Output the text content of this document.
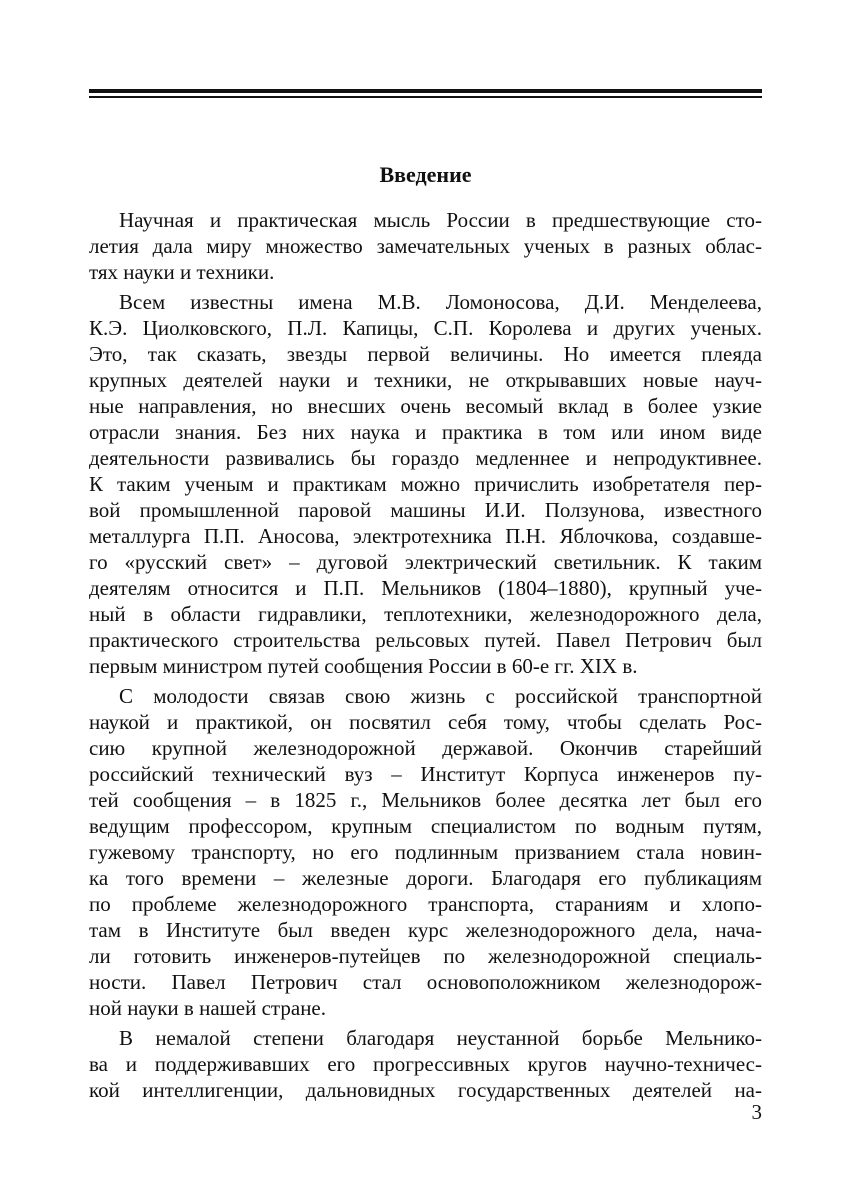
Введение

Научная и практическая мысль России в предшествующие сто-
летия дала миру множество замечательных ученых в разных облас-
тях науки и техники.

Всем известны имена М.В. Ломоносова, Д.И. Менделеева,
К.Э. Циолковского, П.Л. Капицы, С.П. Королева и других ученых.
Это, так сказать, звезды первой величины. Но имеется плеяда
крупных деятелей науки и техники, не открывавших новые науч-
ные направления, но внесших очень весомый вклад в более узкие
отрасли знания. Без них наука и практика в том или ином виде
деятельности развивались бы гораздо медленнее и непродуктивнее.
К таким ученым и практикам можно причислить изобретателя пер-
вой промышленной паровой машины И.И. Ползунова, известного
металлурга П.П. Аносова, электротехника П.Н. Яблочкова, создавше-
го «русский свет» – дуговой электрический светильник. К таким
деятелям относится и П.П. Мельников (1804–1880), крупный уче-
ный в области гидравлики, теплотехники, железнодорожного дела,
практического строительства рельсовых путей. Павел Петрович был
первым министром путей сообщения России в 60-е гг. XIX в.

С молодости связав свою жизнь с российской транспортной
наукой и практикой, он посвятил себя тому, чтобы сделать Рос-
сию крупной железнодорожной державой. Окончив старейший
российский технический вуз – Институт Корпуса инженеров пу-
тей сообщения – в 1825 г., Мельников более десятка лет был его
ведущим профессором, крупным специалистом по водным путям,
гужевому транспорту, но его подлинным призванием стала новин-
ка того времени – железные дороги. Благодаря его публикациям
по проблеме железнодорожного транспорта, стараниям и хлопо-
там в Институте был введен курс железнодорожного дела, нача-
ли готовить инженеров-путейцев по железнодорожной специаль-
ности. Павел Петрович стал основоположником железнодорож-
ной науки в нашей стране.

В немалой степени благодаря неустанной борьбе Мельнико-
ва и поддерживавших его прогрессивных кругов научно-техничес-
кой интеллигенции, дальновидных государственных деятелей на-

3
